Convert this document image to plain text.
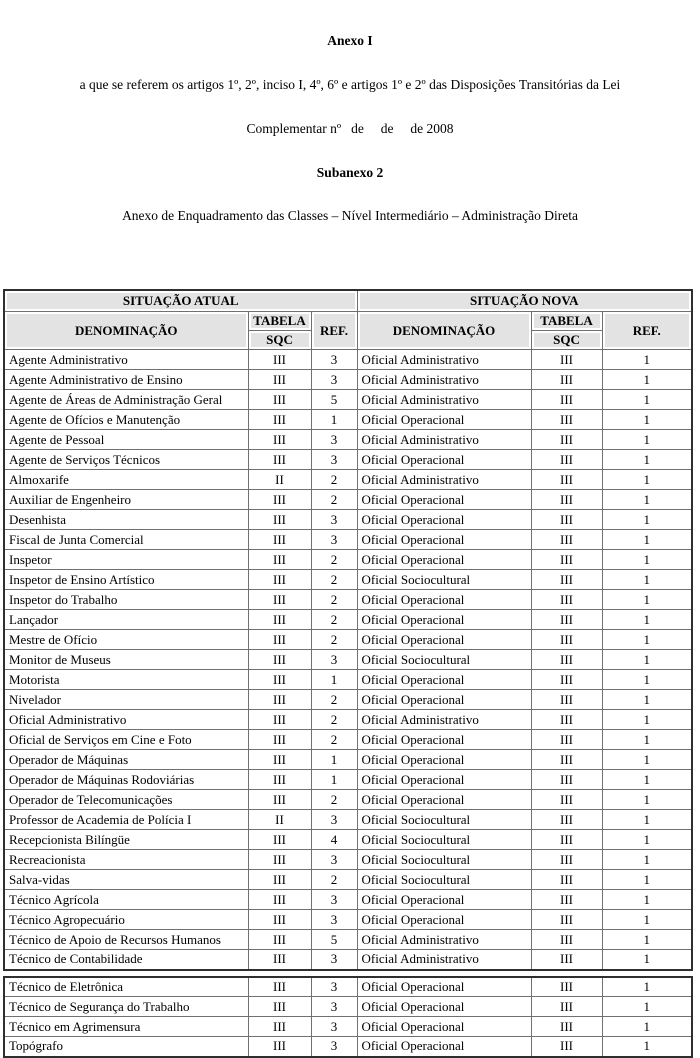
Anexo I

a que se referem os artigos 1º, 2º, inciso I, 4º, 6º e artigos 1º e 2º das Disposições Transitórias da Lei

Complementar nº   de     de     de 2008

Subanexo 2

Anexo de Enquadramento das Classes – Nível Intermediário – Administração Direta

SITUAÇÃO ATUAL			SITUAÇÃO NOVA		
DENOMINAÇÃO	TABELA	REF.	DENOMINAÇÃO	TABELA	REF.
	SQC			SQC	
Agente Administrativo	III	3	Oficial Administrativo	III	1
Agente Administrativo de Ensino	III	3	Oficial Administrativo	III	1
Agente de Áreas de Administração Geral	III	5	Oficial Administrativo	III	1
Agente de Ofícios e Manutenção	III	1	Oficial Operacional	III	1
Agente de Pessoal	III	3	Oficial Administrativo	III	1
Agente de Serviços Técnicos	III	3	Oficial Operacional	III	1
Almoxarife	II	2	Oficial Administrativo	III	1
Auxiliar de Engenheiro	III	2	Oficial Operacional	III	1
Desenhista	III	3	Oficial Operacional	III	1
Fiscal de Junta Comercial	III	3	Oficial Operacional	III	1
Inspetor	III	2	Oficial Operacional	III	1
Inspetor de Ensino Artístico	III	2	Oficial Sociocultural	III	1
Inspetor do Trabalho	III	2	Oficial Operacional	III	1
Lançador	III	2	Oficial Operacional	III	1
Mestre de Ofício	III	2	Oficial Operacional	III	1
Monitor de Museus	III	3	Oficial Sociocultural	III	1
Motorista	III	1	Oficial Operacional	III	1
Nivelador	III	2	Oficial Operacional	III	1
Oficial Administrativo	III	2	Oficial Administrativo	III	1
Oficial de Serviços em Cine e Foto	III	2	Oficial Operacional	III	1
Operador de Máquinas	III	1	Oficial Operacional	III	1
Operador de Máquinas Rodoviárias	III	1	Oficial Operacional	III	1
Operador de Telecomunicações	III	2	Oficial Operacional	III	1
Professor de Academia de Polícia I	II	3	Oficial Sociocultural	III	1
Recepcionista Bilíngüe	III	4	Oficial Sociocultural	III	1
Recreacionista	III	3	Oficial Sociocultural	III	1
Salva-vidas	III	2	Oficial Sociocultural	III	1
Técnico Agrícola	III	3	Oficial Operacional	III	1
Técnico Agropecuário	III	3	Oficial Operacional	III	1
Técnico de Apoio de Recursos Humanos	III	5	Oficial Administrativo	III	1
Técnico de Contabilidade	III	3	Oficial Administrativo	III	1
Técnico de Eletrônica	III	3	Oficial Operacional	III	1
Técnico de Segurança do Trabalho	III	3	Oficial Operacional	III	1
Técnico em Agrimensura	III	3	Oficial Operacional	III	1
Topógrafo	III	3	Oficial Operacional	III	1
